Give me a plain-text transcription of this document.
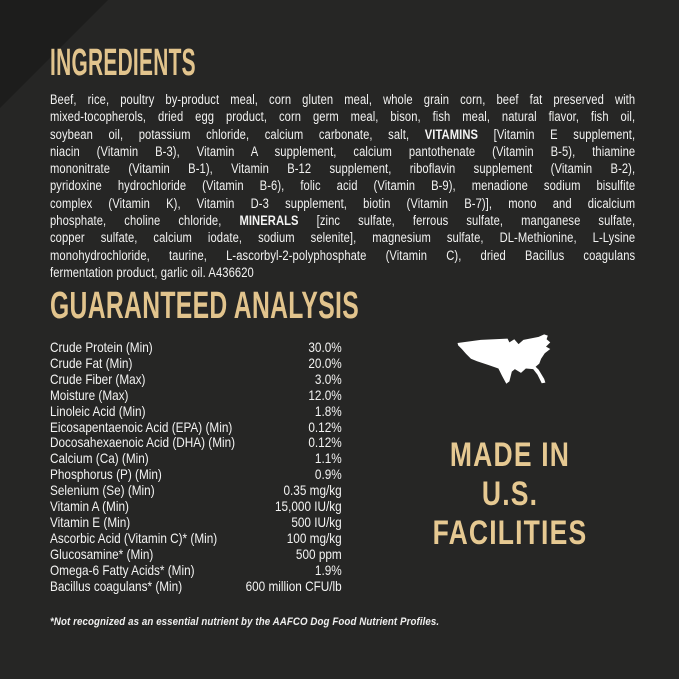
INGREDIENTS
Beef, rice, poultry by-product meal, corn gluten meal, whole grain corn, beef fat preserved with
mixed-tocopherols, dried egg product, corn germ meal, bison, fish meal, natural flavor, fish oil,
soybean oil, potassium chloride, calcium carbonate, salt, VITAMINS [Vitamin E supplement,
niacin (Vitamin B-3), Vitamin A supplement, calcium pantothenate (Vitamin B-5), thiamine
mononitrate (Vitamin B-1), Vitamin B-12 supplement, riboflavin supplement (Vitamin B-2),
pyridoxine hydrochloride (Vitamin B-6), folic acid (Vitamin B-9), menadione sodium bisulfite
complex (Vitamin K), Vitamin D-3 supplement, biotin (Vitamin B-7)], mono and dicalcium
phosphate, choline chloride, MINERALS [zinc sulfate, ferrous sulfate, manganese sulfate,
copper sulfate, calcium iodate, sodium selenite], magnesium sulfate, DL-Methionine, L-Lysine
monohydrochloride, taurine, L-ascorbyl-2-polyphosphate (Vitamin C), dried Bacillus coagulans
fermentation product, garlic oil. A436620
GUARANTEED ANALYSIS
Crude Protein (Min)	30.0%
Crude Fat (Min)	20.0%
Crude Fiber (Max)	3.0%
Moisture (Max)	12.0%
Linoleic Acid (Min)	1.8%
Eicosapentaenoic Acid (EPA) (Min)	0.12%
Docosahexaenoic Acid (DHA) (Min)	0.12%
Calcium (Ca) (Min)	1.1%
Phosphorus (P) (Min)	0.9%
Selenium (Se) (Min)	0.35 mg/kg
Vitamin A (Min)	15,000 IU/kg
Vitamin E (Min)	500 IU/kg
Ascorbic Acid (Vitamin C)* (Min)	100 mg/kg
Glucosamine* (Min)	500 ppm
Omega-6 Fatty Acids* (Min)	1.9%
Bacillus coagulans* (Min)	600 million CFU/lb
MADE IN
U.S.
FACILITIES
*Not recognized as an essential nutrient by the AAFCO Dog Food Nutrient Profiles.
